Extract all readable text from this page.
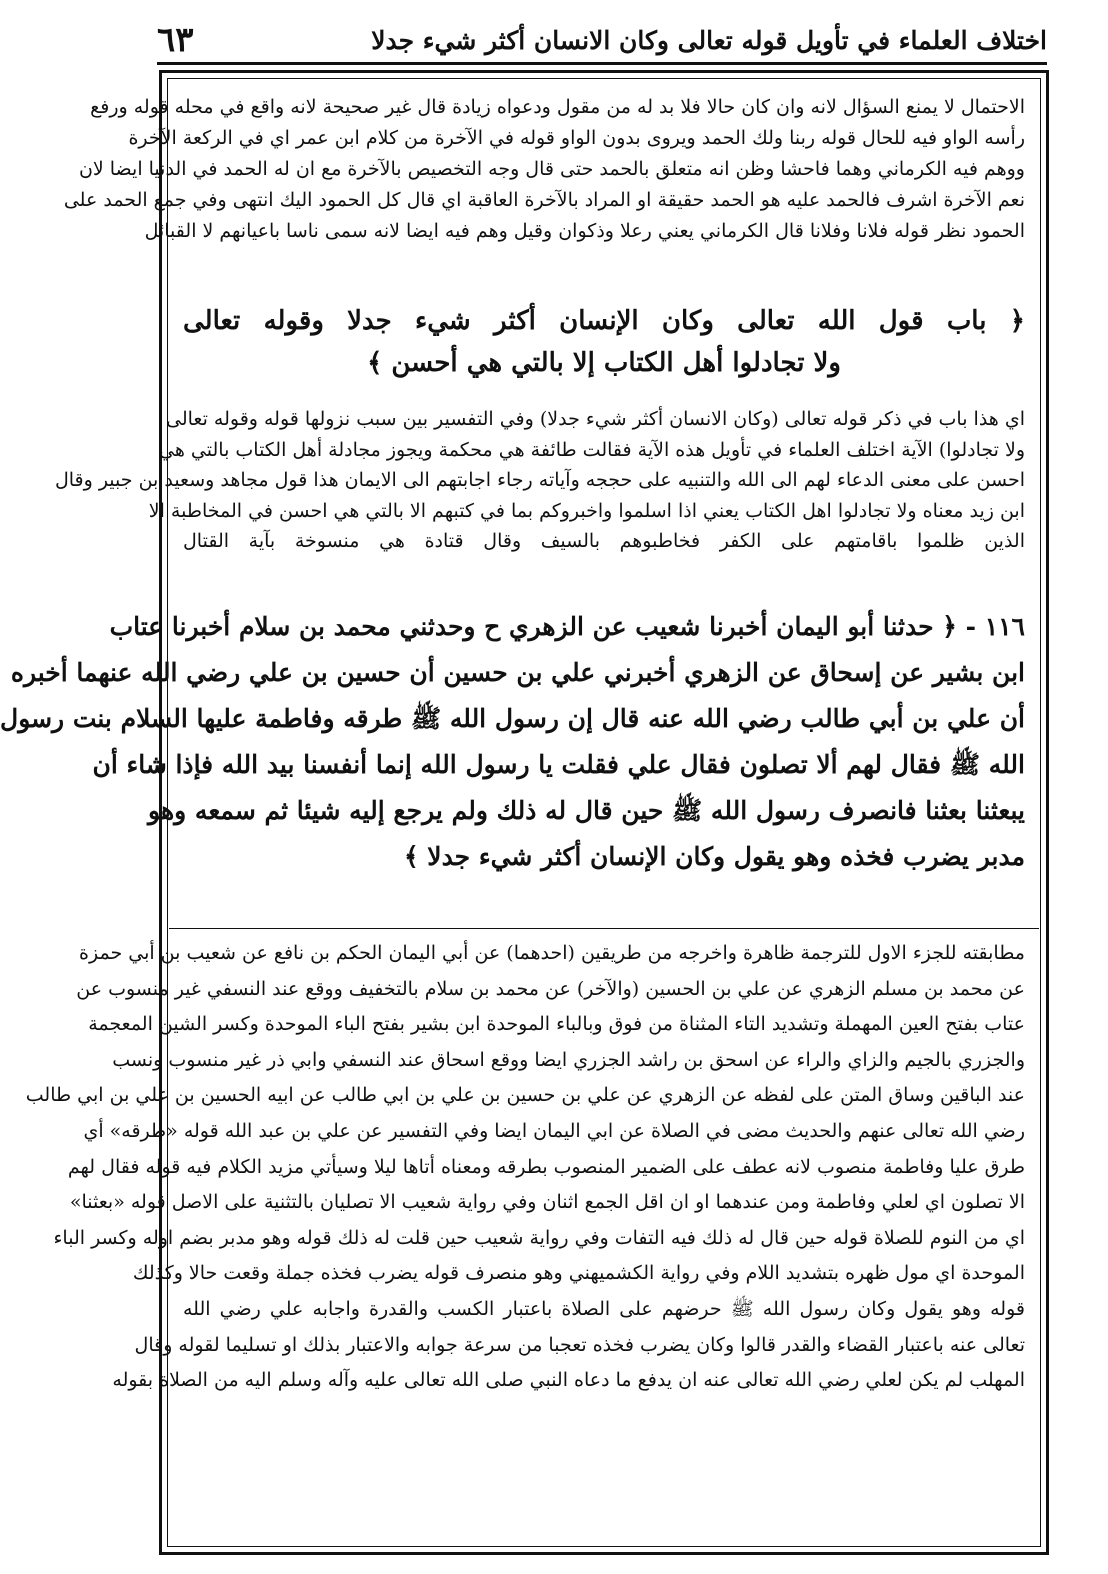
اختلاف العلماء في تأويل قوله تعالى وكان الانسان أكثر شيء جدلا
٦٣
الاحتمال لا يمنع السؤال لانه وان كان حالا فلا بد له من مقول ودعواه زيادة قال غير صحيحة لانه واقع في محله قوله ورفع
رأسه الواو فيه للحال قوله ربنا ولك الحمد ويروى بدون الواو قوله في الآخرة من كلام ابن عمر اي في الركعة الآخرة
ووهم فيه الكرماني وهما فاحشا وظن انه متعلق بالحمد حتى قال وجه التخصيص بالآخرة مع ان له الحمد في الدنيا ايضا لان
نعم الآخرة اشرف فالحمد عليه هو الحمد حقيقة او المراد بالآخرة العاقبة اي قال كل الحمود اليك انتهى وفي جمع الحمد على
الحمود نظر قوله فلانا وفلانا قال الكرماني يعني رعلا وذكوان وقيل وهم فيه ايضا لانه سمى ناسا باعيانهم لا القبائل
﴿ باب قول الله تعالى وكان الإنسان أكثر شيء جدلا وقوله تعالى
ولا تجادلوا أهل الكتاب إلا بالتي هي أحسن ﴾
اي هذا باب في ذكر قوله تعالى (وكان الانسان أكثر شيء جدلا) وفي التفسير بين سبب نزولها قوله وقوله تعالى
ولا تجادلوا) الآية اختلف العلماء في تأويل هذه الآية فقالت طائفة هي محكمة ويجوز مجادلة أهل الكتاب بالتي هي
احسن على معنى الدعاء لهم الى الله والتنبيه على حججه وآياته رجاء اجابتهم الى الايمان هذا قول مجاهد وسعيد بن جبير وقال
ابن زيد معناه ولا تجادلوا اهل الكتاب يعني اذا اسلموا واخبروكم بما في كتبهم الا بالتي هي احسن في المخاطبة الا
الذين ظلموا باقامتهم على الكفر فخاطبوهم بالسيف وقال قتادة هي منسوخة بآية القتال
١١٦ - ﴿ حدثنا أبو اليمان أخبرنا شعيب عن الزهري ح وحدثني محمد بن سلام أخبرنا عتاب
ابن بشير عن إسحاق عن الزهري أخبرني علي بن حسين أن حسين بن علي رضي الله عنهما أخبره
أن علي بن أبي طالب رضي الله عنه قال إن رسول الله ﷺ طرقه وفاطمة عليها السلام بنت رسول
الله ﷺ فقال لهم ألا تصلون فقال علي فقلت يا رسول الله إنما أنفسنا بيد الله فإذا شاء أن
يبعثنا بعثنا فانصرف رسول الله ﷺ حين قال له ذلك ولم يرجع إليه شيئا ثم سمعه وهو
مدبر يضرب فخذه وهو يقول وكان الإنسان أكثر شيء جدلا ﴾
مطابقته للجزء الاول للترجمة ظاهرة واخرجه من طريقين (احدهما) عن أبي اليمان الحكم بن نافع عن شعيب بن أبي حمزة
عن محمد بن مسلم الزهري عن علي بن الحسين (والآخر) عن محمد بن سلام بالتخفيف ووقع عند النسفي غير منسوب عن
عتاب بفتح العين المهملة وتشديد التاء المثناة من فوق وبالباء الموحدة ابن بشير بفتح الباء الموحدة وكسر الشين المعجمة
والجزري بالجيم والزاي والراء عن اسحق بن راشد الجزري ايضا ووقع اسحاق عند النسفي وابي ذر غير منسوب ونسب
عند الباقين وساق المتن على لفظه عن الزهري عن علي بن حسين بن علي بن ابي طالب عن ابيه الحسين بن علي بن ابي طالب
رضي الله تعالى عنهم والحديث مضى في الصلاة عن ابي اليمان ايضا وفي التفسير عن علي بن عبد الله قوله «طرقه» أي
طرق عليا وفاطمة منصوب لانه عطف على الضمير المنصوب بطرقه ومعناه أتاها ليلا وسيأتي مزيد الكلام فيه قوله فقال لهم
الا تصلون اي لعلي وفاطمة ومن عندهما او ان اقل الجمع اثنان وفي رواية شعيب الا تصليان بالتثنية على الاصل قوله «بعثنا»
اي من النوم للصلاة قوله حين قال له ذلك فيه التفات وفي رواية شعيب حين قلت له ذلك قوله وهو مدبر بضم اوله وكسر الباء
الموحدة اي مول ظهره بتشديد اللام وفي رواية الكشميهني وهو منصرف قوله يضرب فخذه جملة وقعت حالا وكذلك
قوله وهو يقول وكان رسول الله ﷺ حرضهم على الصلاة باعتبار الكسب والقدرة واجابه علي رضي الله
تعالى عنه باعتبار القضاء والقدر قالوا وكان يضرب فخذه تعجبا من سرعة جوابه والاعتبار بذلك او تسليما لقوله وقال
المهلب لم يكن لعلي رضي الله تعالى عنه ان يدفع ما دعاه النبي صلى الله تعالى عليه وآله وسلم اليه من الصلاة بقوله
